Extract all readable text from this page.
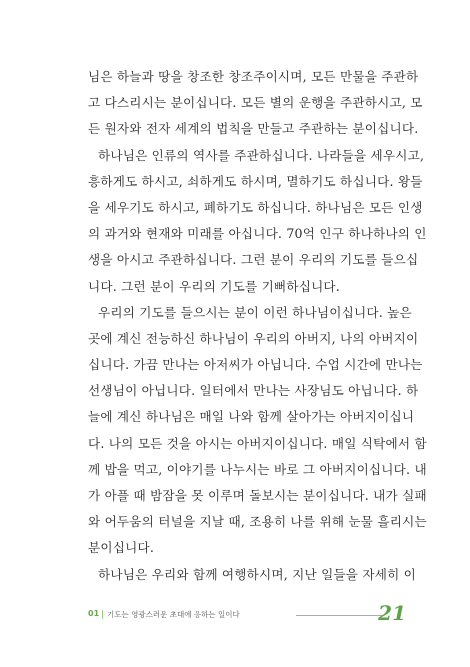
님은 하늘과 땅을 창조한 창조주이시며, 모든 만물을 주관하
고 다스리시는 분이십니다. 모든 별의 운행을 주관하시고, 모
든 원자와 전자 세계의 법칙을 만들고 주관하는 분이십니다.
하나님은 인류의 역사를 주관하십니다. 나라들을 세우시고,
흥하게도 하시고, 쇠하게도 하시며, 멸하기도 하십니다. 왕들
을 세우기도 하시고, 폐하기도 하십니다. 하나님은 모든 인생
의 과거와 현재와 미래를 아십니다. 70억 인구 하나하나의 인
생을 아시고 주관하십니다. 그런 분이 우리의 기도를 들으십
니다. 그런 분이 우리의 기도를 기뻐하십니다.
우리의 기도를 들으시는 분이 이런 하나님이십니다. 높은
곳에 계신 전능하신 하나님이 우리의 아버지, 나의 아버지이
십니다. 가끔 만나는 아저씨가 아닙니다. 수업 시간에 만나는
선생님이 아닙니다. 일터에서 만나는 사장님도 아닙니다. 하
늘에 계신 하나님은 매일 나와 함께 살아가는 아버지이십니
다. 나의 모든 것을 아시는 아버지이십니다. 매일 식탁에서 함
께 밥을 먹고, 이야기를 나누시는 바로 그 아버지이십니다. 내
가 아플 때 밤잠을 못 이루며 돌보시는 분이십니다. 내가 실패
와 어두움의 터널을 지날 때, 조용히 나를 위해 눈물 흘리시는
분이십니다.
하나님은 우리와 함께 여행하시며, 지난 일들을 자세히 이
01 기도는 영광스러운 초대에 응하는 일이다	21
